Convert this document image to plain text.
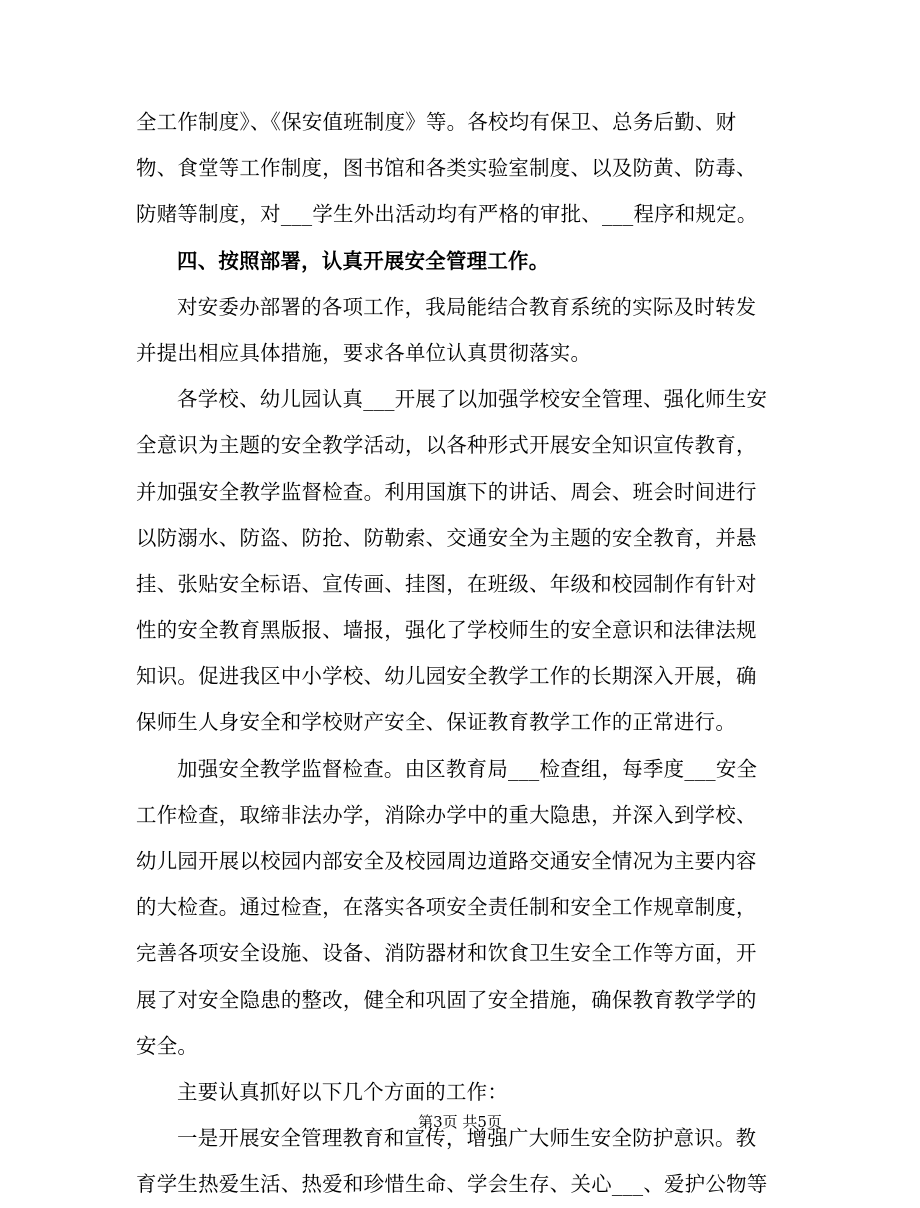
全工作制度》、《保安值班制度》等。各校均有保卫、总务后勤、财
物、食堂等工作制度，图书馆和各类实验室制度、以及防黄、防毒、
防赌等制度，对___学生外出活动均有严格的审批、___程序和规定。
四、按照部署，认真开展安全管理工作。
对安委办部署的各项工作，我局能结合教育系统的实际及时转发
并提出相应具体措施，要求各单位认真贯彻落实。
各学校、幼儿园认真___开展了以加强学校安全管理、强化师生安
全意识为主题的安全教学活动，以各种形式开展安全知识宣传教育，
并加强安全教学监督检查。利用国旗下的讲话、周会、班会时间进行
以防溺水、防盗、防抢、防勒索、交通安全为主题的安全教育，并悬
挂、张贴安全标语、宣传画、挂图，在班级、年级和校园制作有针对
性的安全教育黑版报、墙报，强化了学校师生的安全意识和法律法规
知识。促进我区中小学校、幼儿园安全教学工作的长期深入开展，确
保师生人身安全和学校财产安全、保证教育教学工作的正常进行。
加强安全教学监督检查。由区教育局___检查组，每季度___安全
工作检查，取缔非法办学，消除办学中的重大隐患，并深入到学校、
幼儿园开展以校园内部安全及校园周边道路交通安全情况为主要内容
的大检查。通过检查，在落实各项安全责任制和安全工作规章制度，
完善各项安全设施、设备、消防器材和饮食卫生安全工作等方面，开
展了对安全隐患的整改，健全和巩固了安全措施，确保教育教学学的
安全。
主要认真抓好以下几个方面的工作：
一是开展安全管理教育和宣传，增强广大师生安全防护意识。教
育学生热爱生活、热爱和珍惜生命、学会生存、关心___、爱护公物等
第3页 共5页
